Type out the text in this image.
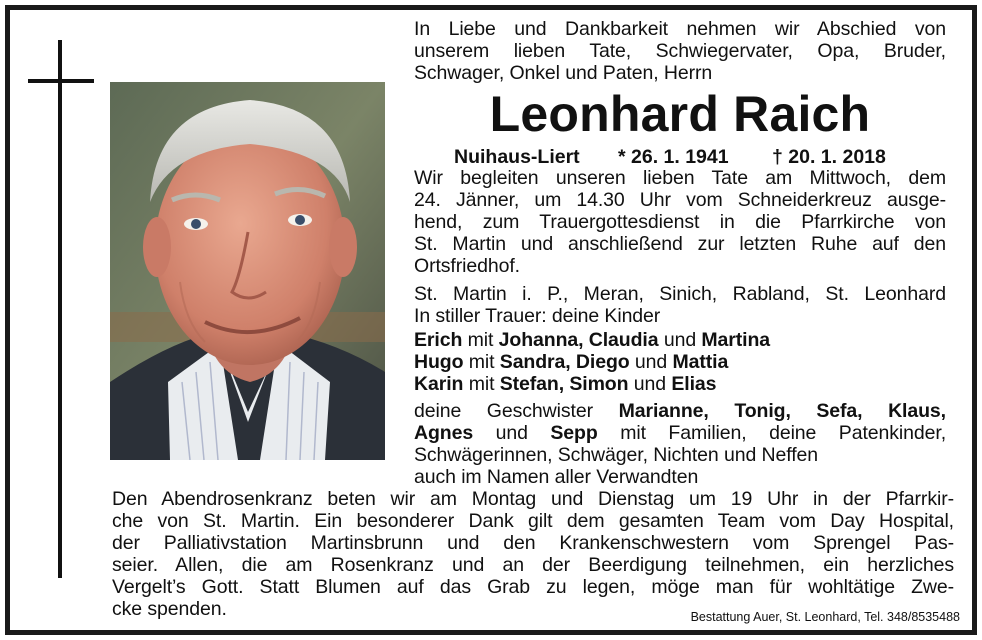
In Liebe und Dankbarkeit nehmen wir Abschied von
unserem lieben Tate, Schwiegervater, Opa, Bruder,
Schwager, Onkel und Paten, Herrn
Leonhard Raich
Nuihaus-Liert * 26. 1. 1941 † 20. 1. 2018
Wir begleiten unseren lieben Tate am Mittwoch, dem
24. Jänner, um 14.30 Uhr vom Schneiderkreuz ausge-
hend, zum Trauergottesdienst in die Pfarrkirche von
St. Martin und anschließend zur letzten Ruhe auf den
Ortsfriedhof.
St. Martin i. P., Meran, Sinich, Rabland, St. Leonhard
In stiller Trauer: deine Kinder
Erich mit Johanna, Claudia und Martina
Hugo mit Sandra, Diego und Mattia
Karin mit Stefan, Simon und Elias
deine Geschwister Marianne, Tonig, Sefa, Klaus,
Agnes und Sepp mit Familien, deine Patenkinder,
Schwägerinnen, Schwäger, Nichten und Neffen
auch im Namen aller Verwandten
Den Abendrosenkranz beten wir am Montag und Dienstag um 19 Uhr in der Pfarrkir-
che von St. Martin. Ein besonderer Dank gilt dem gesamten Team vom Day Hospital,
der Palliativstation Martinsbrunn und den Krankenschwestern vom Sprengel Pas-
seier. Allen, die am Rosenkranz und an der Beerdigung teilnehmen, ein herzliches
Vergelt’s Gott. Statt Blumen auf das Grab zu legen, möge man für wohltätige Zwe-
cke spenden.	Bestattung Auer, St. Leonhard, Tel. 348/8535488
